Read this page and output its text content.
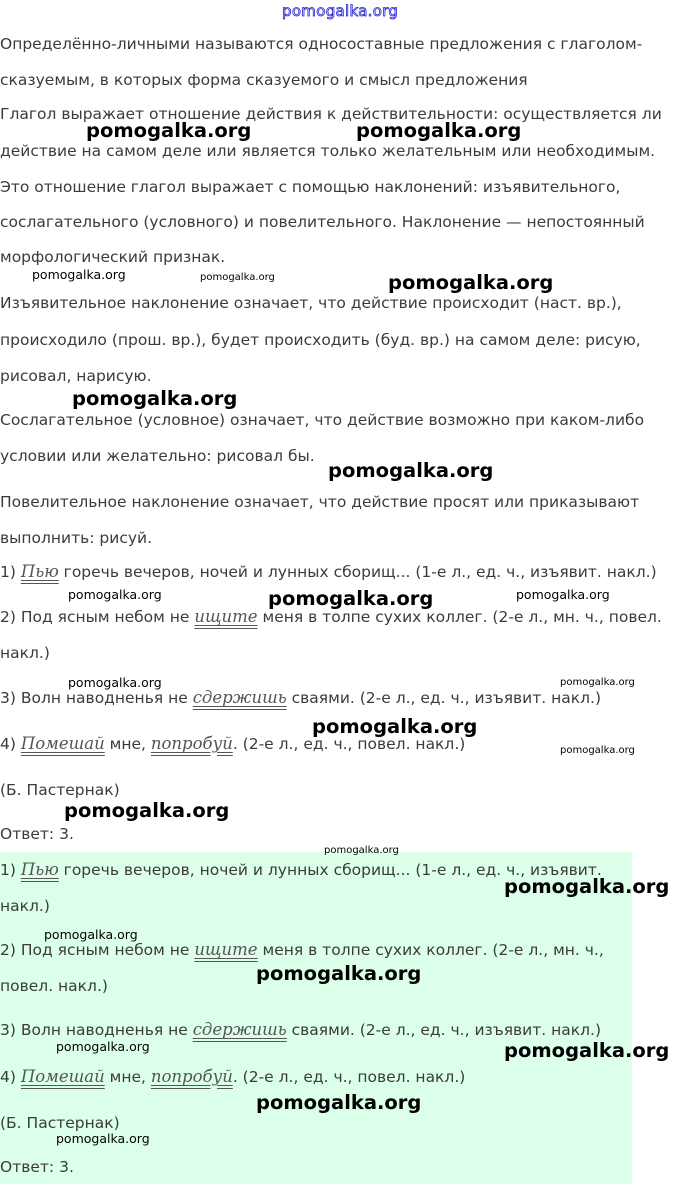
pomogalka.org

Определённо-личными называются односоставные предложения с глаголом-

сказуемым, в которых форма сказуемого и смысл предложения

Глагол выражает отношение действия к действительности: осуществляется ли

действие на самом деле или является только желательным или необходимым.

Это отношение глагол выражает с помощью наклонений: изъявительного,

сослагательного (условного) и повелительного. Наклонение — непостоянный

морфологический признак.

Изъявительное наклонение означает, что действие происходит (наст. вр.),

происходило (прош. вр.), будет происходить (буд. вр.) на самом деле: рисую,

рисовал, нарисую.

Сослагательное (условное) означает, что действие возможно при каком-либо

условии или желательно: рисовал бы.

Повелительное наклонение означает, что действие просят или приказывают

выполнить: рисуй.

1) Пью горечь вечеров, ночей и лунных сборищ... (1-е л., ед. ч., изъявит. накл.)

2) Под ясным небом не ищите меня в толпе сухих коллег. (2-е л., мн. ч., повел.

накл.)

3) Волн наводненья не сдержишь сваями. (2-е л., ед. ч., изъявит. накл.)

4) Помешай мне, попробуй. (2-е л., ед. ч., повел. накл.)

(Б. Пастернак)

Ответ: 3.

1) Пью горечь вечеров, ночей и лунных сборищ... (1-е л., ед. ч., изъявит.

накл.)

2) Под ясным небом не ищите меня в толпе сухих коллег. (2-е л., мн. ч.,

повел. накл.)

3) Волн наводненья не сдержишь сваями. (2-е л., ед. ч., изъявит. накл.)

4) Помешай мне, попробуй. (2-е л., ед. ч., повел. накл.)

(Б. Пастернак)

Ответ: 3.

pomogalka.org	pomogalka.org
pomogalka.org	pomogalka.org	pomogalka.org
pomogalka.org
pomogalka.org
pomogalka.org	pomogalka.org	pomogalka.org
pomogalka.org	pomogalka.org
pomogalka.org
pomogalka.org
pomogalka.org
pomogalka.org
pomogalka.org
pomogalka.org
pomogalka.org
pomogalka.org	pomogalka.org
pomogalka.org
pomogalka.org
